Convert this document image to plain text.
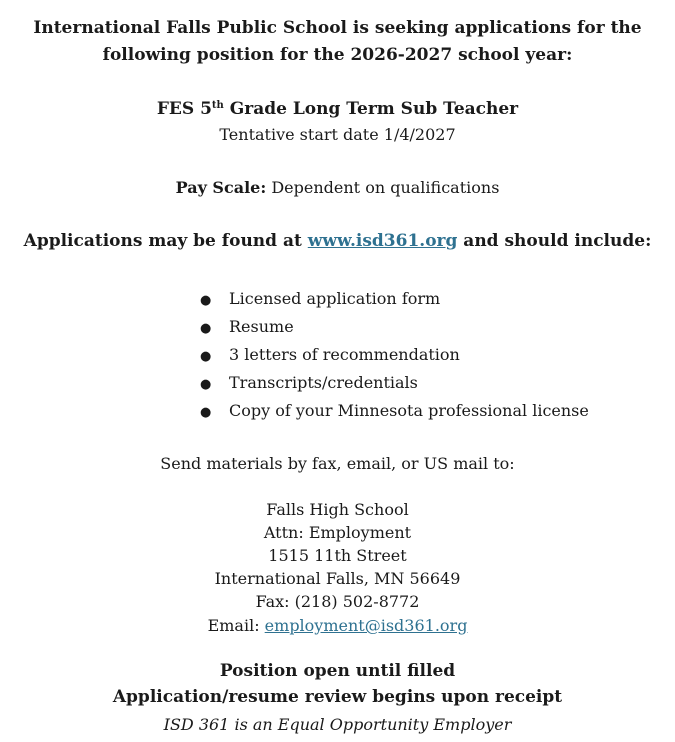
International Falls Public School is seeking applications for the
following position for the 2026-2027 school year:
FES 5th Grade Long Term Sub Teacher
Tentative start date 1/4/2027
Pay Scale: Dependent on qualifications
Applications may be found at www.isd361.org and should include:
● Licensed application form
● Resume
● 3 letters of recommendation
● Transcripts/credentials
● Copy of your Minnesota professional license
Send materials by fax, email, or US mail to:
Falls High School
Attn: Employment
1515 11th Street
International Falls, MN 56649
Fax: (218) 502-8772
Email: employment@isd361.org
Position open until filled
Application/resume review begins upon receipt
ISD 361 is an Equal Opportunity Employer
